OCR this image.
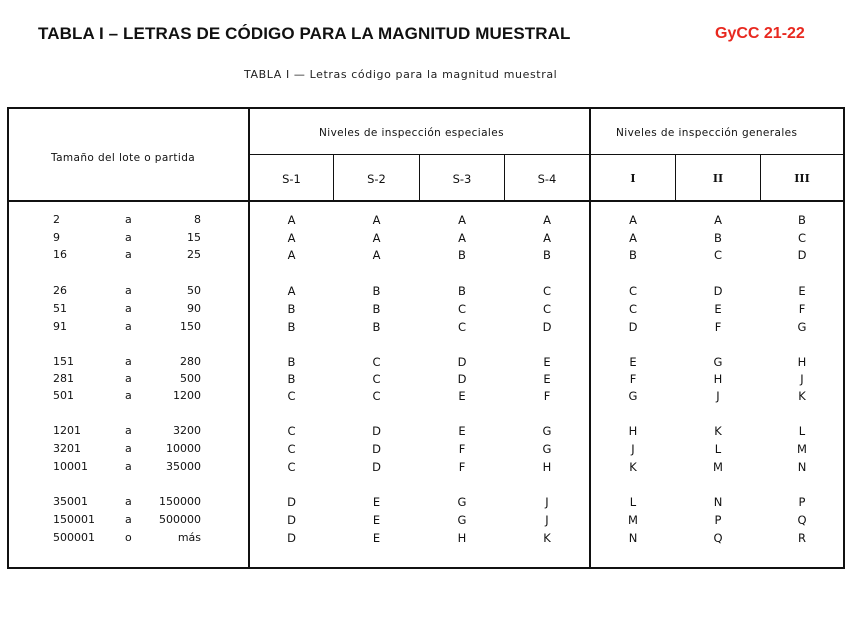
TABLA I – LETRAS DE CÓDIGO PARA LA MAGNITUD MUESTRAL	GyCC 21-22
TABLA I — Letras código para la magnitud muestral
Tamaño del lote o partida
Niveles de inspección especiales	Niveles de inspección generales
S-1	S-2	S-3	S-4	I	II	III
2	a	8	A	A	A	A	A	A	B
9	a	15	A	A	A	A	A	B	C
16	a	25	A	A	B	B	B	C	D
26	a	50	A	B	B	C	C	D	E
51	a	90	B	B	C	C	C	E	F
91	a	150	B	B	C	D	D	F	G
151	a	280	B	C	D	E	E	G	H
281	a	500	B	C	D	E	F	H	J
501	a	1200	C	C	E	F	G	J	K
1201	a	3200	C	D	E	G	H	K	L
3201	a	10000	C	D	F	G	J	L	M
10001	a	35000	C	D	F	H	K	M	N
35001	a	150000	D	E	G	J	L	N	P
150001	a	500000	D	E	G	J	M	P	Q
500001	o	más	D	E	H	K	N	Q	R
